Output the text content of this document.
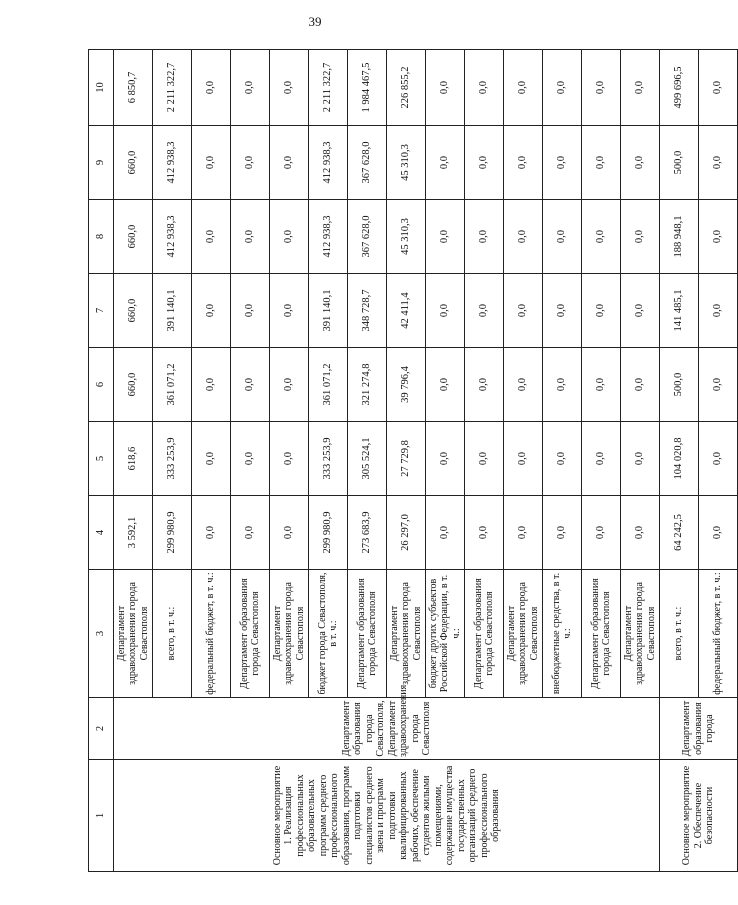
39
1	2	3	4	5	6	7	8	9	10
Основное мероприятие 1. Реализация профессиональных образовательных программ среднего профессионального образования, программ подготовки специалистов среднего звена и программ подготовки квалифицированных рабочих, обеспечение студентов жилыми помещениями, содержание имущества государственных организаций среднего профессионального образования	Департамент образования города Севастополя, Департамент здравоохранения города Севастополя	Департамент здравоохранения города Севастополя	3 592,1	618,6	660,0	660,0	660,0	660,0	6 850,7
		всего, в т. ч.:	299 980,9	333 253,9	361 071,2	391 140,1	412 938,3	412 938,3	2 211 322,7
		федеральный бюджет, в т. ч.:	0,0	0,0	0,0	0,0	0,0	0,0	0,0
		Департамент образования города Севастополя	0,0	0,0	0,0	0,0	0,0	0,0	0,0
		Департамент здравоохранения города Севастополя	0,0	0,0	0,0	0,0	0,0	0,0	0,0
		бюджет города Севастополя, в т. ч.:	299 980,9	333 253,9	361 071,2	391 140,1	412 938,3	412 938,3	2 211 322,7
		Департамент образования города Севастополя	273 683,9	305 524,1	321 274,8	348 728,7	367 628,0	367 628,0	1 984 467,5
		Департамент здравоохранения города Севастополя	26 297,0	27 729,8	39 796,4	42 411,4	45 310,3	45 310,3	226 855,2
		бюджет других субъектов Российской Федерации, в т. ч.:	0,0	0,0	0,0	0,0	0,0	0,0	0,0
		Департамент образования города Севастополя	0,0	0,0	0,0	0,0	0,0	0,0	0,0
		Департамент здравоохранения города Севастополя	0,0	0,0	0,0	0,0	0,0	0,0	0,0
		внебюджетные средства, в т. ч.:	0,0	0,0	0,0	0,0	0,0	0,0	0,0
		Департамент образования города Севастополя	0,0	0,0	0,0	0,0	0,0	0,0	0,0
		Департамент здравоохранения города Севастополя	0,0	0,0	0,0	0,0	0,0	0,0	0,0
Основное мероприятие 2. Обеспечение безопасности	Департамент образования города	всего, в т. ч.:	64 242,5	104 020,8	500,0	141 485,1	188 948,1	500,0	499 696,5
		федеральный бюджет, в т. ч.:	0,0	0,0	0,0	0,0	0,0	0,0	0,0
